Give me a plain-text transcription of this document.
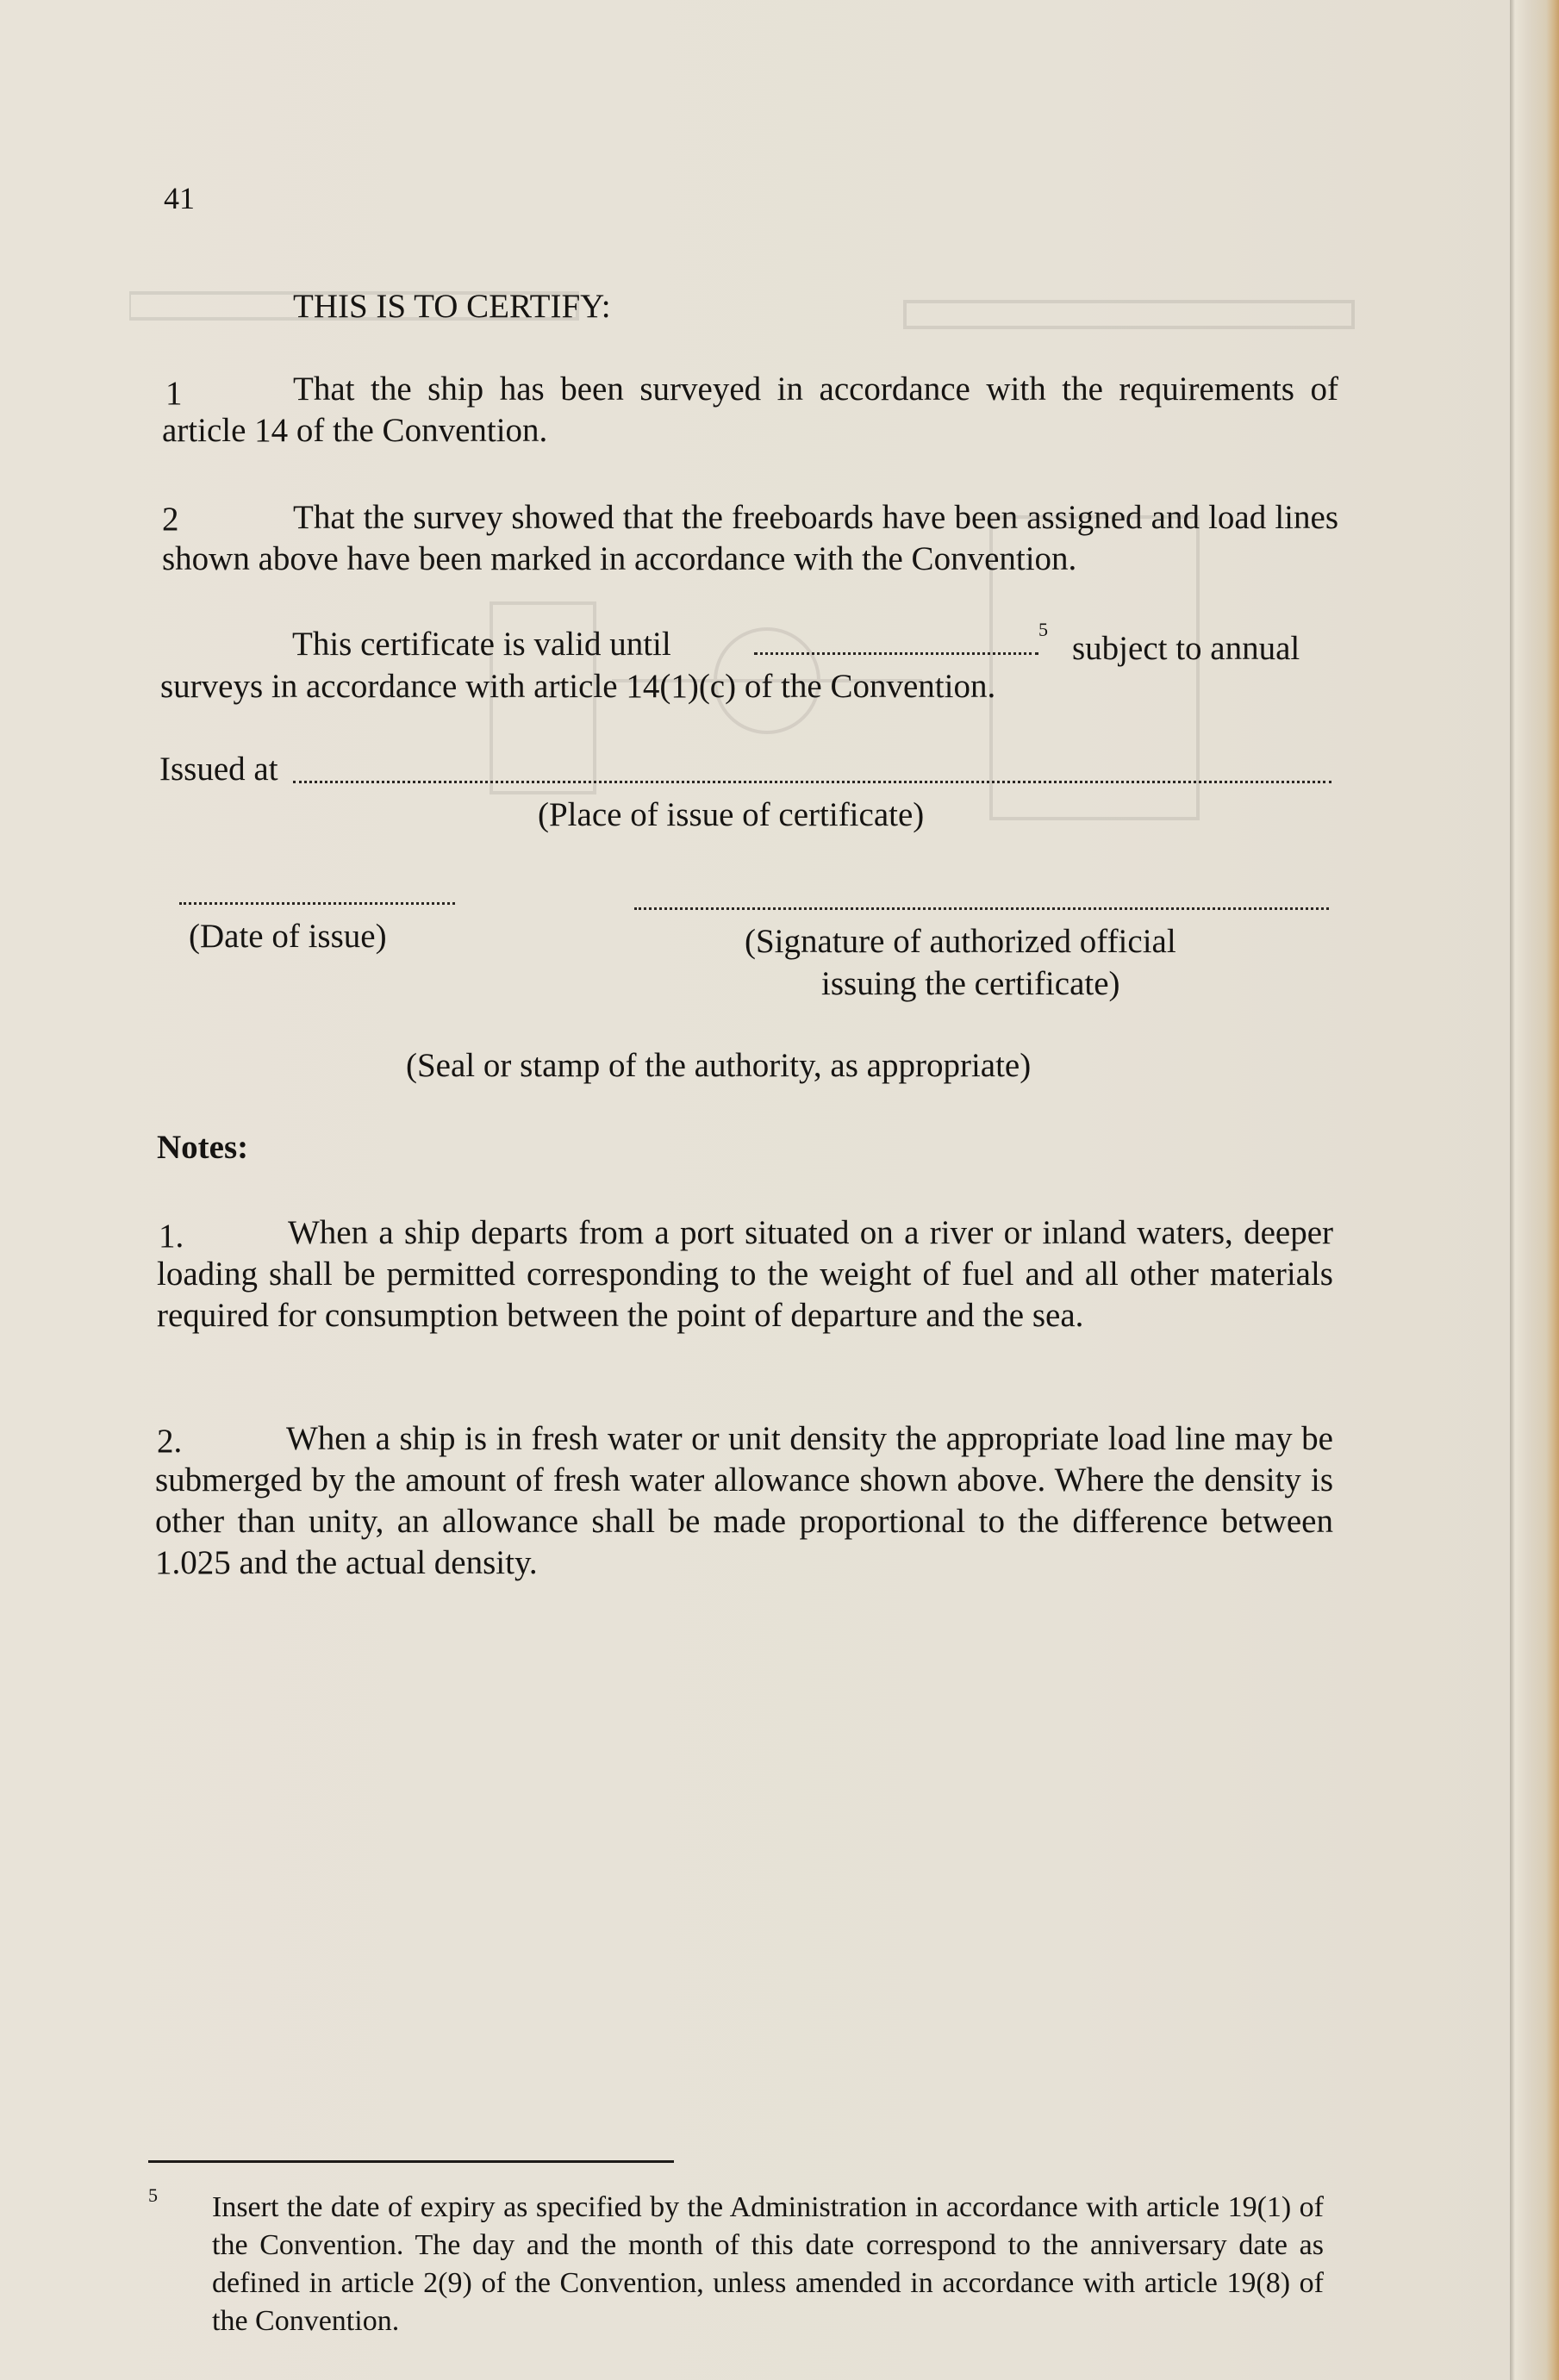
41
THIS IS TO CERTIFY:
1	That the ship has been surveyed in accordance with the requirements of article 14 of the Convention.
2	That the survey showed that the freeboards have been assigned and load lines shown above have been marked in accordance with the Convention.
This certificate is valid until	$^5$
subject to annual
surveys in accordance with article 14(1)(c) of the Convention.
Issued at
(Place of issue of certificate)
(Date of issue)	(Signature of authorized official
issuing the certificate)
(Seal or stamp of the authority, as appropriate)
Notes:
1.	When a ship departs from a port situated on a river or inland waters, deeper loading shall be permitted corresponding to the weight of fuel and all other materials required for consumption between the point of departure and the sea.
2.	When a ship is in fresh water or unit density the appropriate load line may be submerged by the amount of fresh water allowance shown above. Where the density is other than unity, an allowance shall be made proportional to the difference between 1.025 and the actual density.
5 Insert the date of expiry as specified by the Administration in accordance with article 19(1) of the Convention. The day and the month of this date correspond to the anniversary date as defined in article 2(9) of the Convention, unless amended in accordance with article 19(8) of the Convention.
